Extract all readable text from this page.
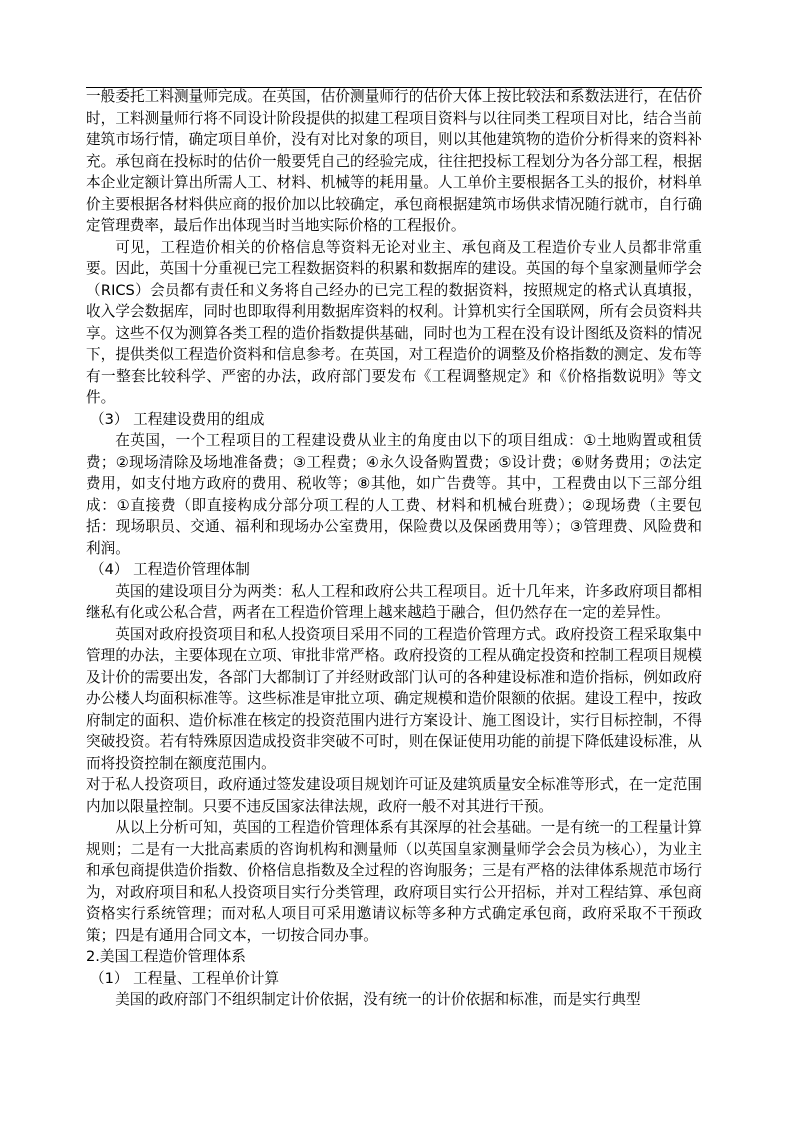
一般委托工料测量师完成。在英国，估价测量师行的估价大体上按比较法和系数法进行，在估价时，工料测量师行将不同设计阶段提供的拟建工程项目资料与以往同类工程项目对比，结合当前建筑市场行情，确定项目单价，没有对比对象的项目，则以其他建筑物的造价分析得来的资料补充。承包商在投标时的估价一般要凭自己的经验完成，往往把投标工程划分为各分部工程，根据本企业定额计算出所需人工、材料、机械等的耗用量。人工单价主要根据各工头的报价，材料单价主要根据各材料供应商的报价加以比较确定，承包商根据建筑市场供求情况随行就市，自行确定管理费率，最后作出体现当时当地实际价格的工程报价。

可见，工程造价相关的价格信息等资料无论对业主、承包商及工程造价专业人员都非常重要。因此，英国十分重视已完工程数据资料的积累和数据库的建设。英国的每个皇家测量师学会（RICS）会员都有责任和义务将自己经办的已完工程的数据资料，按照规定的格式认真填报，收入学会数据库，同时也即取得利用数据库资料的权利。计算机实行全国联网，所有会员资料共享。这些不仅为测算各类工程的造价指数提供基础，同时也为工程在没有设计图纸及资料的情况下，提供类似工程造价资料和信息参考。在英国，对工程造价的调整及价格指数的测定、发布等有一整套比较科学、严密的办法，政府部门要发布《工程调整规定》和《价格指数说明》等文件。

（3） 工程建设费用的组成

在英国，一个工程项目的工程建设费从业主的角度由以下的项目组成：①土地购置或租赁费；②现场清除及场地准备费；③工程费；④永久设备购置费；⑤设计费；⑥财务费用；⑦法定费用，如支付地方政府的费用、税收等；⑧其他，如广告费等。其中，工程费由以下三部分组成：①直接费（即直接构成分部分项工程的人工费、材料和机械台班费）；②现场费（主要包括：现场职员、交通、福利和现场办公室费用，保险费以及保函费用等）；③管理费、风险费和利润。

（4） 工程造价管理体制

英国的建设项目分为两类：私人工程和政府公共工程项目。近十几年来，许多政府项目都相继私有化或公私合营，两者在工程造价管理上越来越趋于融合，但仍然存在一定的差异性。

英国对政府投资项目和私人投资项目采用不同的工程造价管理方式。政府投资工程采取集中管理的办法，主要体现在立项、审批非常严格。政府投资的工程从确定投资和控制工程项目规模及计价的需要出发，各部门大都制订了并经财政部门认可的各种建设标准和造价指标，例如政府办公楼人均面积标准等。这些标准是审批立项、确定规模和造价限额的依据。建设工程中，按政府制定的面积、造价标准在核定的投资范围内进行方案设计、施工图设计，实行目标控制，不得突破投资。若有特殊原因造成投资非突破不可时，则在保证使用功能的前提下降低建设标准，从而将投资控制在额度范围内。

对于私人投资项目，政府通过签发建设项目规划许可证及建筑质量安全标准等形式，在一定范围内加以限量控制。只要不违反国家法律法规，政府一般不对其进行干预。

从以上分析可知，英国的工程造价管理体系有其深厚的社会基础。一是有统一的工程量计算规则；二是有一大批高素质的咨询机构和测量师（以英国皇家测量师学会会员为核心），为业主和承包商提供造价指数、价格信息指数及全过程的咨询服务；三是有严格的法律体系规范市场行为，对政府项目和私人投资项目实行分类管理，政府项目实行公开招标，并对工程结算、承包商资格实行系统管理；而对私人项目可采用邀请议标等多种方式确定承包商，政府采取不干预政策；四是有通用合同文本，一切按合同办事。

2.美国工程造价管理体系

（1） 工程量、工程单价计算

美国的政府部门不组织制定计价依据，没有统一的计价依据和标准，而是实行典型
